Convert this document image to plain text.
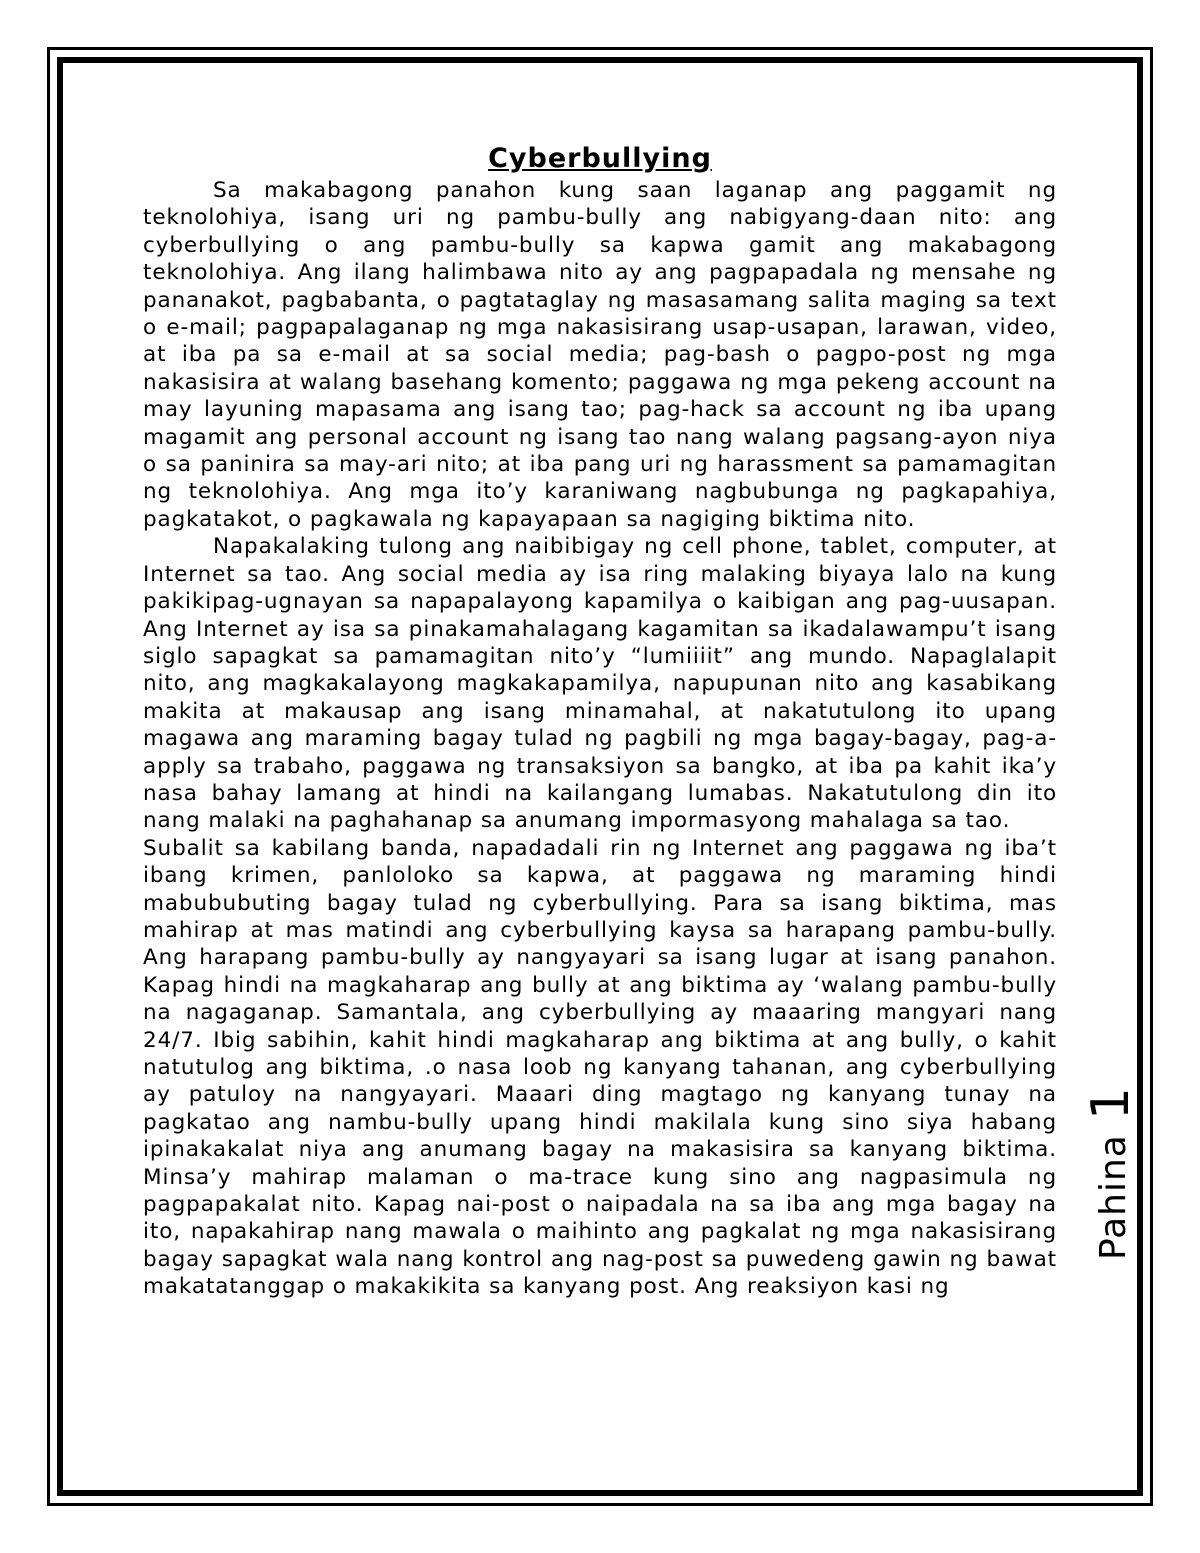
Cyberbullying

Sa makabagong panahon kung saan laganap ang paggamit ng teknolohiya, isang uri ng pambu-bully ang nabigyang-daan nito: ang cyberbullying o ang pambu-bully sa kapwa gamit ang makabagong teknolohiya. Ang ilang halimbawa nito ay ang pagpapadala ng mensahe ng pananakot, pagbabanta, o pagtataglay ng masasamang salita maging sa text o e-mail; pagpapalaganap ng mga nakasisirang usap-usapan, larawan, video, at iba pa sa e-mail at sa social media; pag-bash o pagpo-post ng mga nakasisira at walang basehang komento; paggawa ng mga pekeng account na may layuning mapasama ang isang tao; pag-hack sa account ng iba upang magamit ang personal account ng isang tao nang walang pagsang-ayon niya o sa paninira sa may-ari nito; at iba pang uri ng harassment sa pamamagitan ng teknolohiya. Ang mga ito’y karaniwang nagbubunga ng pagkapahiya, pagkatakot, o pagkawala ng kapayapaan sa nagiging biktima nito.

Napakalaking tulong ang naibibigay ng cell phone, tablet, computer, at Internet sa tao. Ang social media ay isa ring malaking biyaya lalo na kung pakikipag-ugnayan sa napapalayong kapamilya o kaibigan ang pag-uusapan. Ang Internet ay isa sa pinakamahalagang kagamitan sa ikadalawampu’t isang siglo sapagkat sa pamamagitan nito’y “lumiiiit” ang mundo. Napaglalapit nito, ang magkakalayong magkakapamilya, napupunan nito ang kasabikang makita at makausap ang isang minamahal, at nakatutulong ito upang magawa ang maraming bagay tulad ng pagbili ng mga bagay-bagay, pag-a-apply sa trabaho, paggawa ng transaksiyon sa bangko, at iba pa kahit ika’y nasa bahay lamang at hindi na kailangang lumabas. Nakatutulong din ito nang malaki na paghahanap sa anumang impormasyong mahalaga sa tao.

Subalit sa kabilang banda, napadadali rin ng Internet ang paggawa ng iba’t ibang krimen, panloloko sa kapwa, at paggawa ng maraming hindi mabububuting bagay tulad ng cyberbullying. Para sa isang biktima, mas mahirap at mas matindi ang cyberbullying kaysa sa harapang pambu-bully. Ang harapang pambu-bully ay nangyayari sa isang lugar at isang panahon. Kapag hindi na magkaharap ang bully at ang biktima ay ‘walang pambu-bully na nagaganap. Samantala, ang cyberbullying ay maaaring mangyari nang 24/7. Ibig sabihin, kahit hindi magkaharap ang biktima at ang bully, o kahit natutulog ang biktima, .o nasa loob ng kanyang tahanan, ang cyberbullying ay patuloy na nangyayari. Maaari ding magtago ng kanyang tunay na pagkatao ang nambu-bully upang hindi makilala kung sino siya habang ipinakakalat niya ang anumang bagay na makasisira sa kanyang biktima. Minsa’y mahirap malaman o ma-trace kung sino ang nagpasimula ng pagpapakalat nito. Kapag nai-post o naipadala na sa iba ang mga bagay na ito, napakahirap nang mawala o maihinto ang pagkalat ng mga nakasisirang bagay sapagkat wala nang kontrol ang nag-post sa puwedeng gawin ng bawat makatatanggap o makakikita sa kanyang post. Ang reaksiyon kasi ng

Pahina
1
